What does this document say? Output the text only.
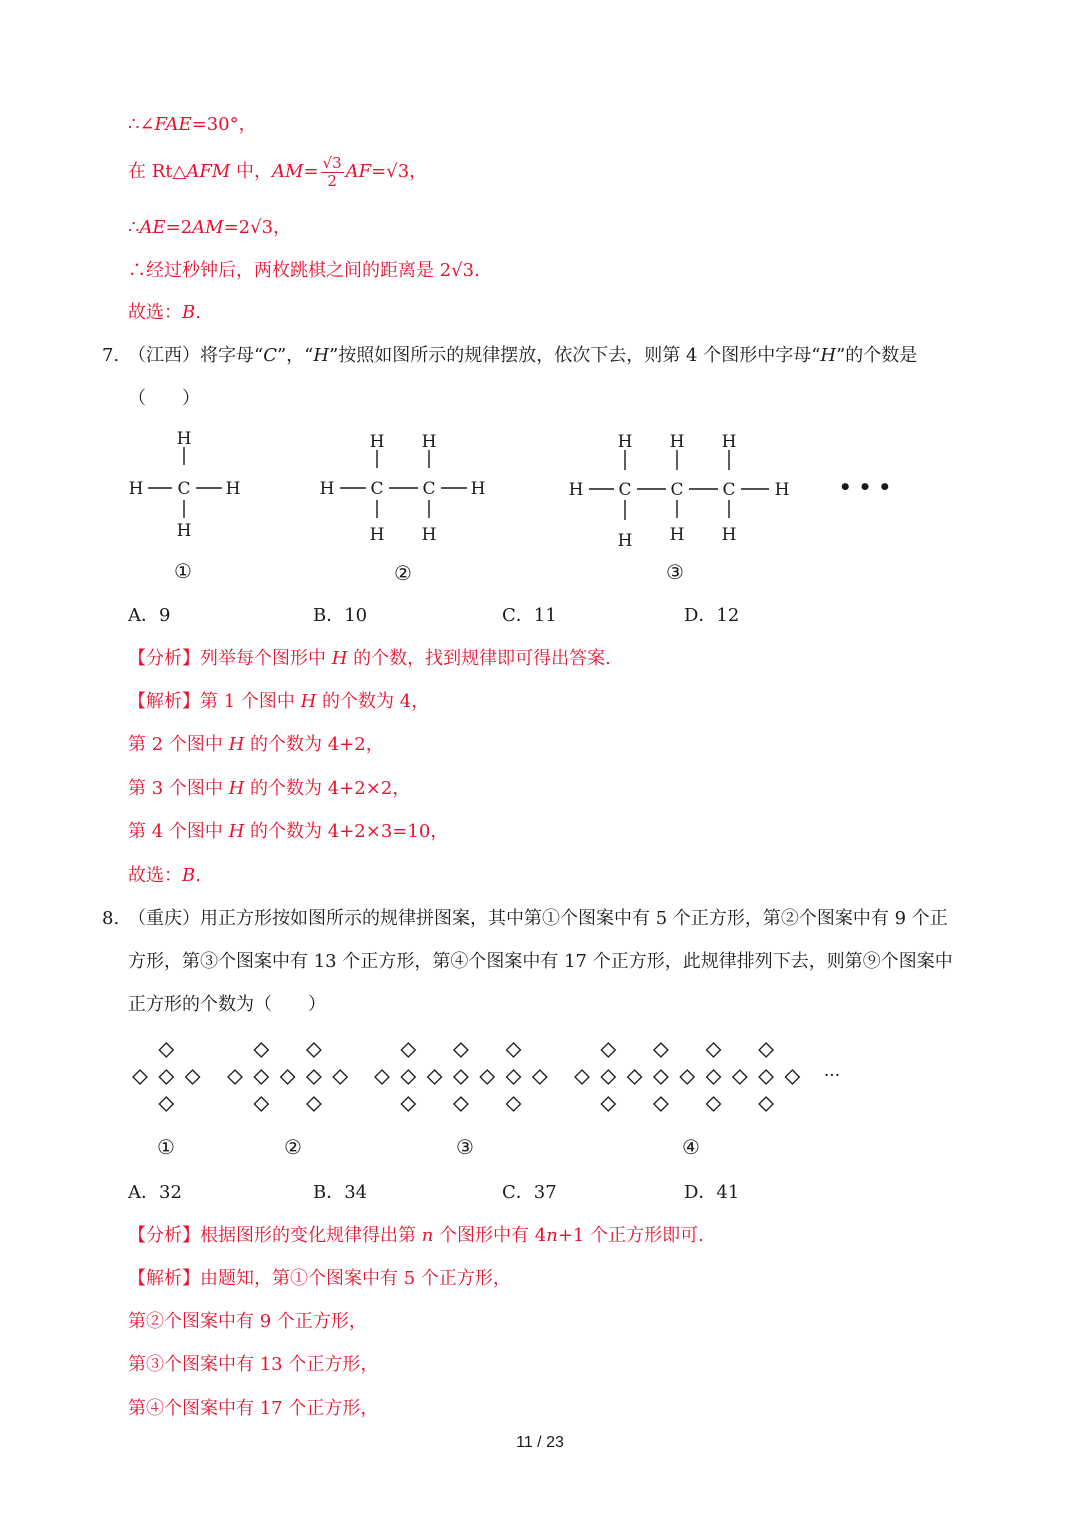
∴∠FAE=30°，
在 Rt△AFM 中，$AM= \frac{√3}{2} AF=√3$，
∴AE=2AM=2√3，
∴经过秒钟后，两枚跳棋之间的距离是 2√3.
故选：B.
7. （江西）将字母“C”，“H”按照如图所示的规律摆放，依次下去，则第 4 个图形中字母“H”的个数是
（　　）
H
H C H
H
H H
H C C H
H H
H H H
H C C C H
H H H
• • •
①	②	③
A．9	B．10	C．11	D．12
【分析】列举每个图形中 H 的个数，找到规律即可得出答案.
【解析】第 1 个图中 H 的个数为 4，
第 2 个图中 H 的个数为 4+2，
第 3 个图中 H 的个数为 4+2×2，
第 4 个图中 H 的个数为 4+2×3=10，
故选：B.
8. （重庆）用正方形按如图所示的规律拼图案，其中第①个图案中有 5 个正方形，第②个图案中有 9 个正
方形，第③个图案中有 13 个正方形，第④个图案中有 17 个正方形，此规律排列下去，则第⑨个图案中
正方形的个数为（　　）
···
①	②	③	④
A．32	B．34	C．37	D．41
【分析】根据图形的变化规律得出第 n 个图形中有 4n+1 个正方形即可.
【解析】由题知，第①个图案中有 5 个正方形，
第②个图案中有 9 个正方形，
第③个图案中有 13 个正方形，
第④个图案中有 17 个正方形，
11 / 23
